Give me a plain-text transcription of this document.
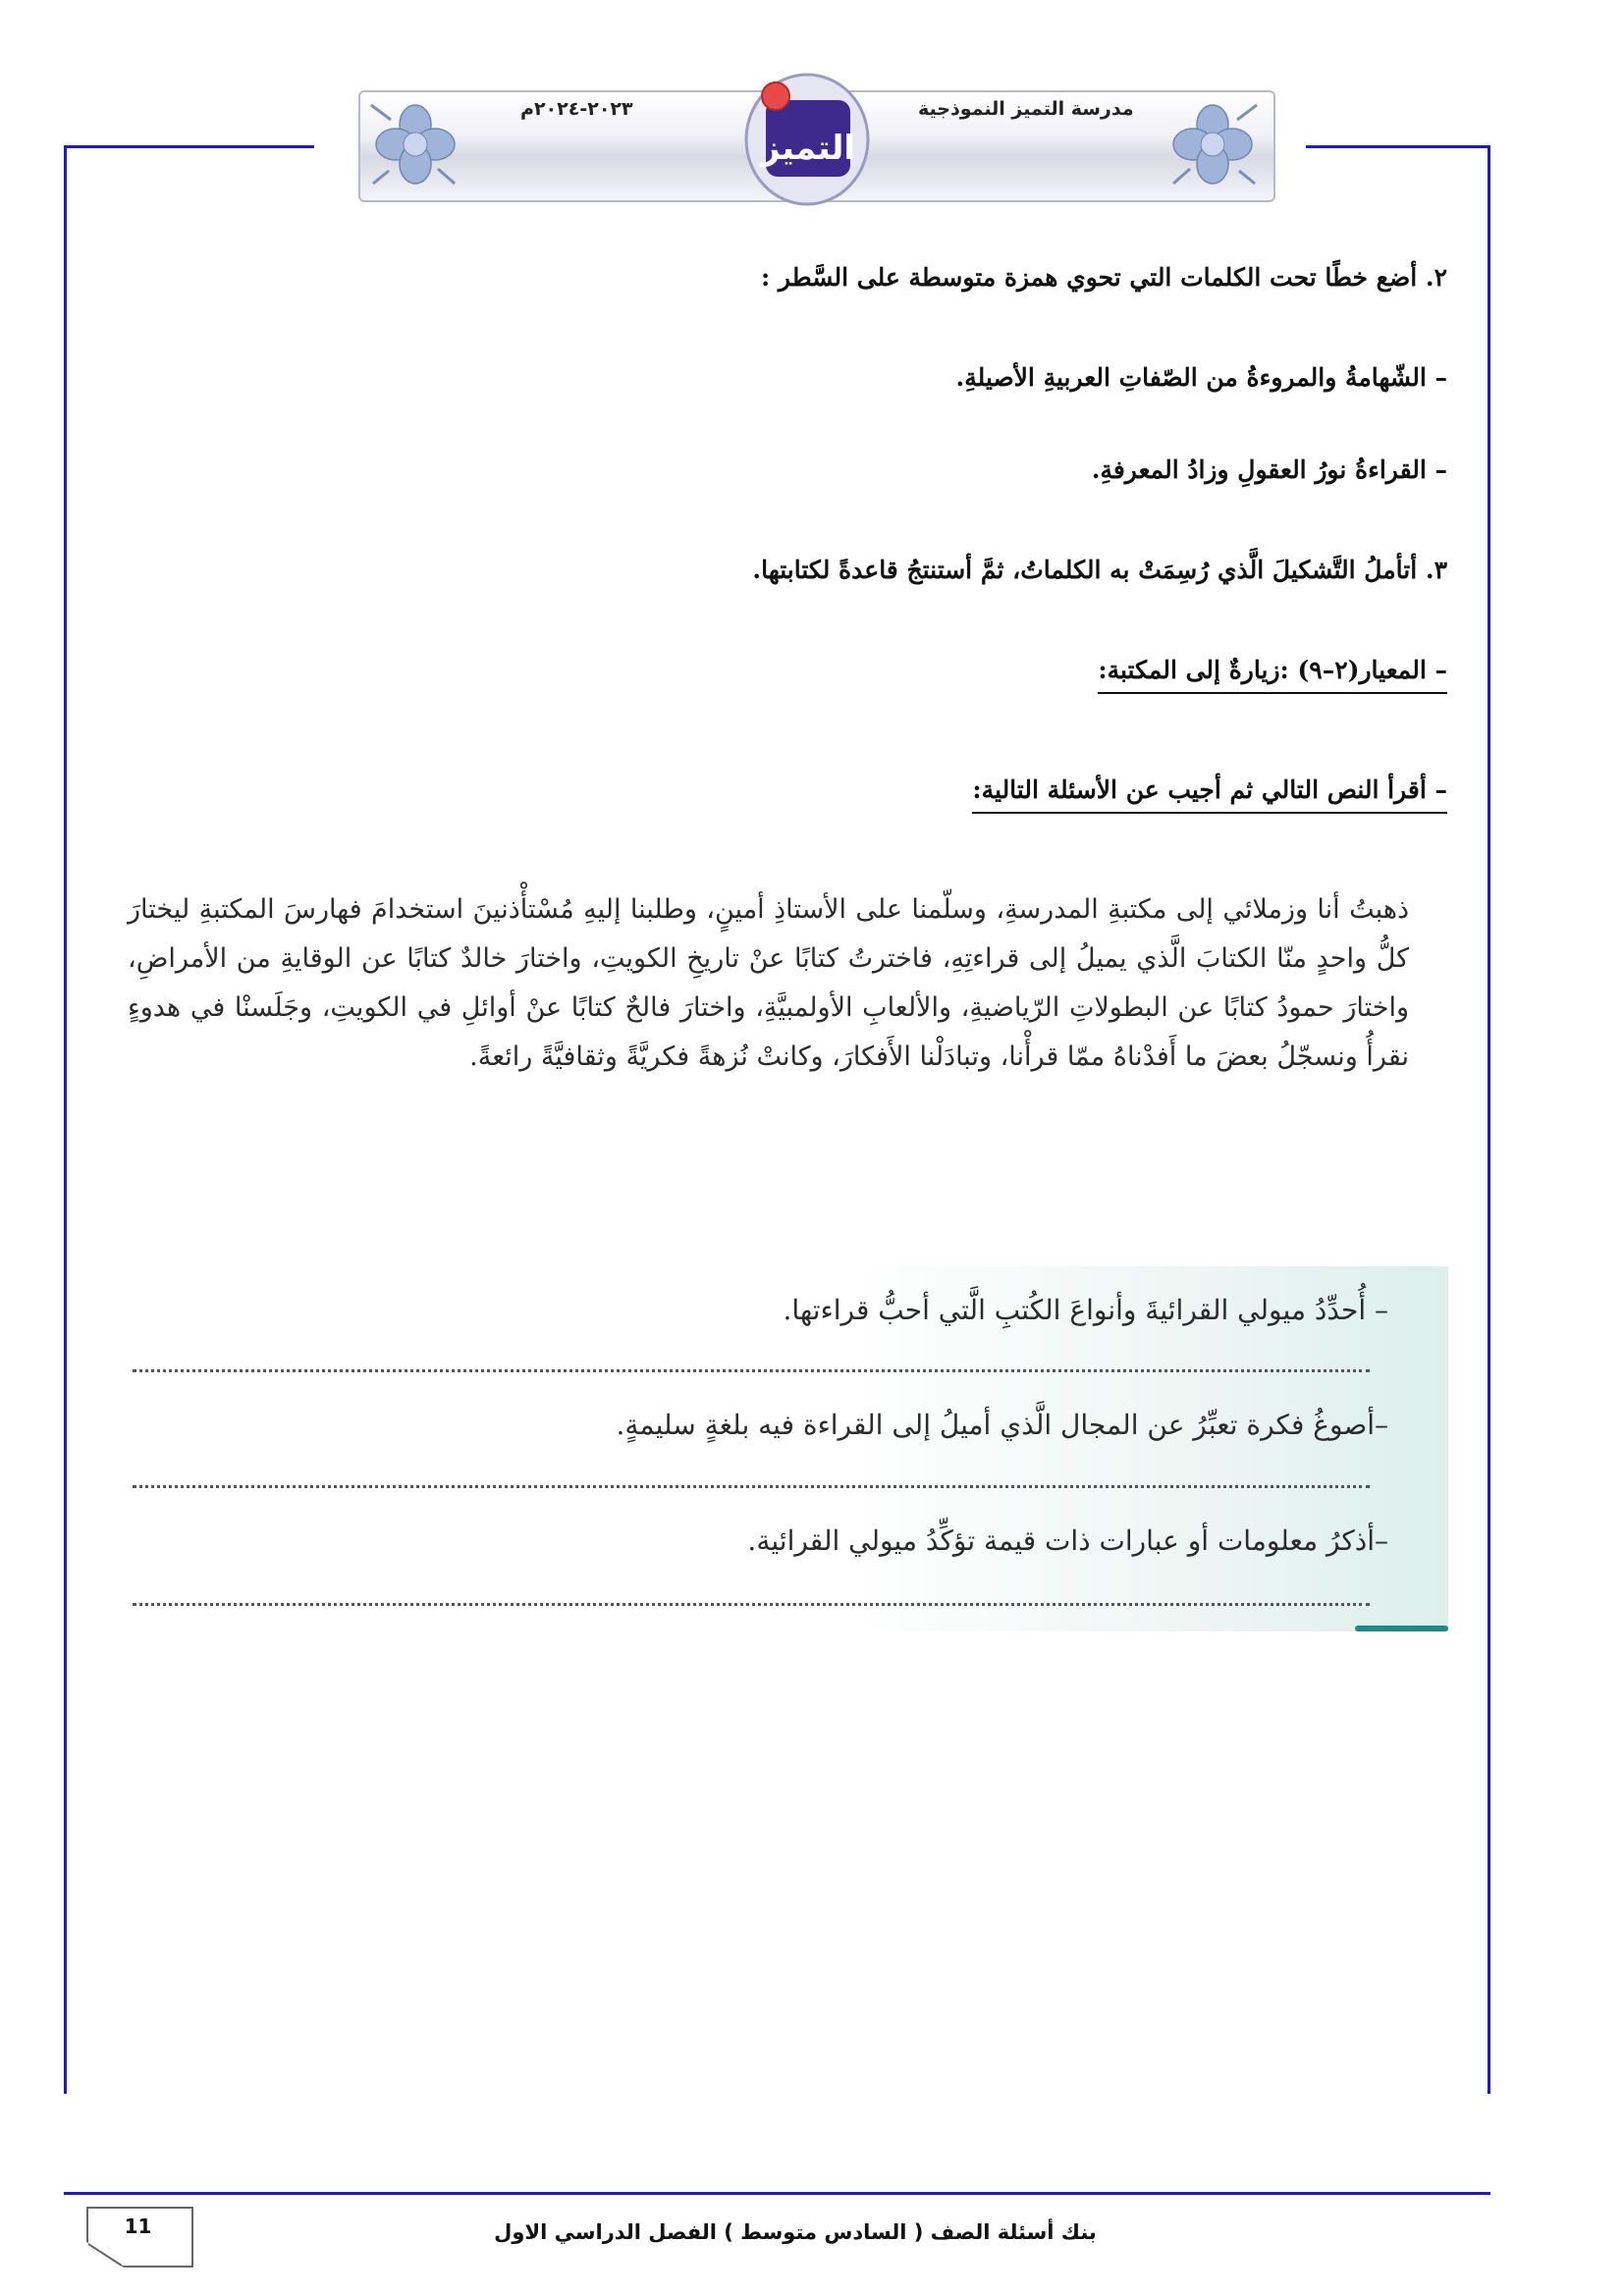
مدرسة التميز النموذجية
٢٠٢٣-٢٠٢٤م
التميز
٢. أضع خطًا تحت الكلمات التي تحوي همزة متوسطة على السَّطر :
– الشّهامةُ والمروءةُ من الصّفاتِ العربيةِ الأصيلةِ.
– القراءةُ نورُ العقولِ وزادُ المعرفةِ.
٣. أتأملُ التَّشكيلَ الَّذي رُسِمَتْ به الكلماتُ، ثمَّ أستنتجُ قاعدةً لكتابتها.
– المعيار(٢–٩) :زيارةٌ إلى المكتبة:
– أقرأ النص التالي ثم أجيب عن الأسئلة التالية:
ذهبتُ أنا وزملائي إلى مكتبةِ المدرسةِ، وسلّمنا على الأستاذِ أمينٍ، وطلبنا إليهِ مُسْتأْذنينَ استخدامَ فهارسَ المكتبةِ ليختارَ كلُّ واحدٍ منّا الكتابَ الَّذي يميلُ إلى قراءتِهِ، فاخترتُ كتابًا عنْ تاريخِ الكويتِ، واختارَ خالدٌ كتابًا عن الوقايةِ من الأمراضِ، واختارَ حمودُ كتابًا عن البطولاتِ الرّياضيةِ، والألعابِ الأولمبيَّةِ، واختارَ فالحٌ كتابًا عنْ أوائلِ في الكويتِ، وجَلَسنْا في هدوءٍ نقرأُ ونسجّلُ بعضَ ما أَفدْناهُ ممّا قرأْنا، وتبادَلْنا الأَفكارَ، وكانتْ نُزهةً فكريَّةً وثقافيَّةً رائعةً.
– أُحدِّدُ ميولي القرائيةَ وأنواعَ الكُتبِ الَّتي أحبُّ قراءتها.
–أصوغُ فكرة تعبِّرُ عن المجال الَّذي أميلُ إلى القراءة فيه بلغةٍ سليمةٍ.
–أذكرُ معلومات أو عبارات ذات قيمة تؤكِّدُ ميولي القرائية.
11	بنك أسئلة الصف ( السادس متوسط ) الفصل الدراسي الاول
